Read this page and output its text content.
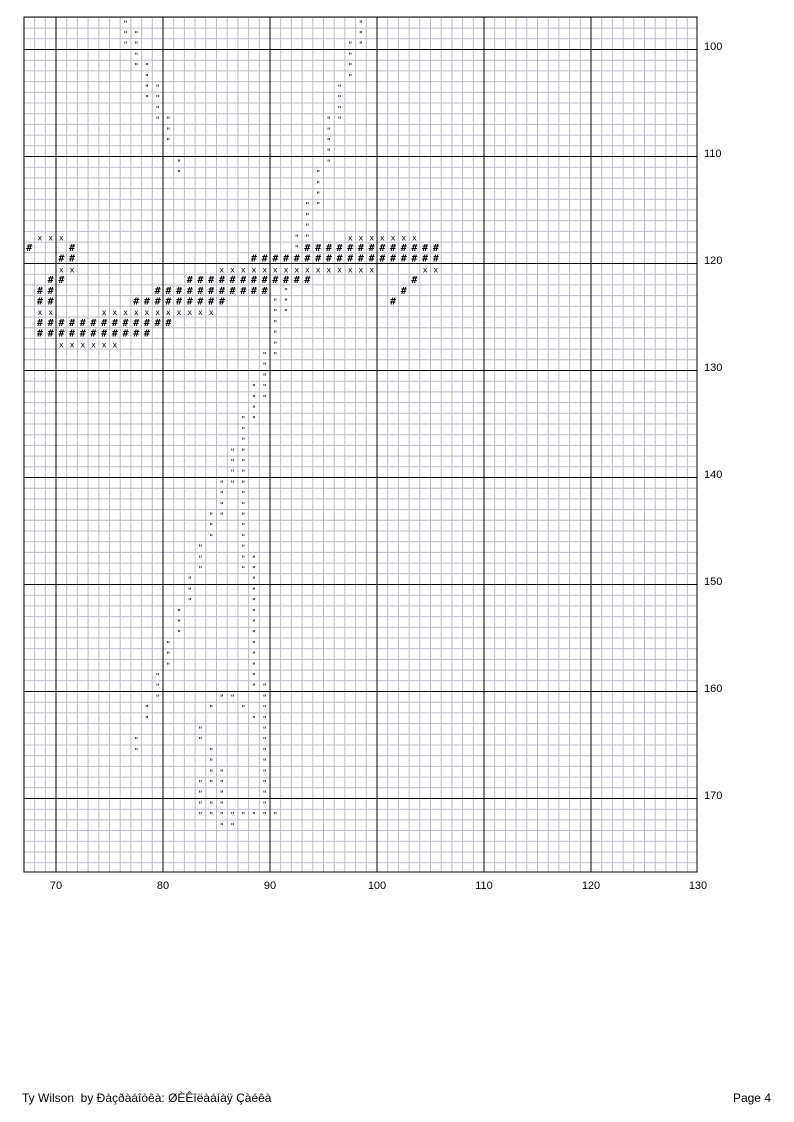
"	"
" "	"
" "	" "
"	"
" "	"
"	"
" "	"
" "	"
"	"
" "	" "
"	"
"	"
"
"	"
"	"
"
"
" "
"
"
x x x	" "	x x x x x x x
#	#	" # # # # # # # # # # # # #
# #	# # # # # # # # # # # # # # # # # #
x x	x x x x x x x x x x x x x x x	x x
# #	# # # # # # # # # # # #	#
# #	# # # # # # # # # # # "	#
# #	# # # # # # # # #	" "	#
x x	x x x x x x x x x x x	" "
# # # # # # # # # # # # #	"
# # # # # # # # # # #	"
x x x x x x	"
" "
"
"
" "
" "
"
" "
"
"
" "
" "
" "
" " "
" "
" "
" " "
"	"
"	"
"	"
"	" "
"	" "
"	"
"	"
"	"
"	"
"	"
"	"
"	"
"	"
"	"
"	"
"	" "
"	" "	"
"	"	" "
"	" "
"	"
"	"	"
"	"	"
"	"
" "	"
" " "	"
" "	"
" " "	"
" " " " " " " "
" "
70	80	90	100	110	120	130
100
110
120
130
140
150
160
170
Ty Wilson  by Ðàçðàáîòêà: ØÈÊîëàáíàÿ Çàéêà	Page 4
